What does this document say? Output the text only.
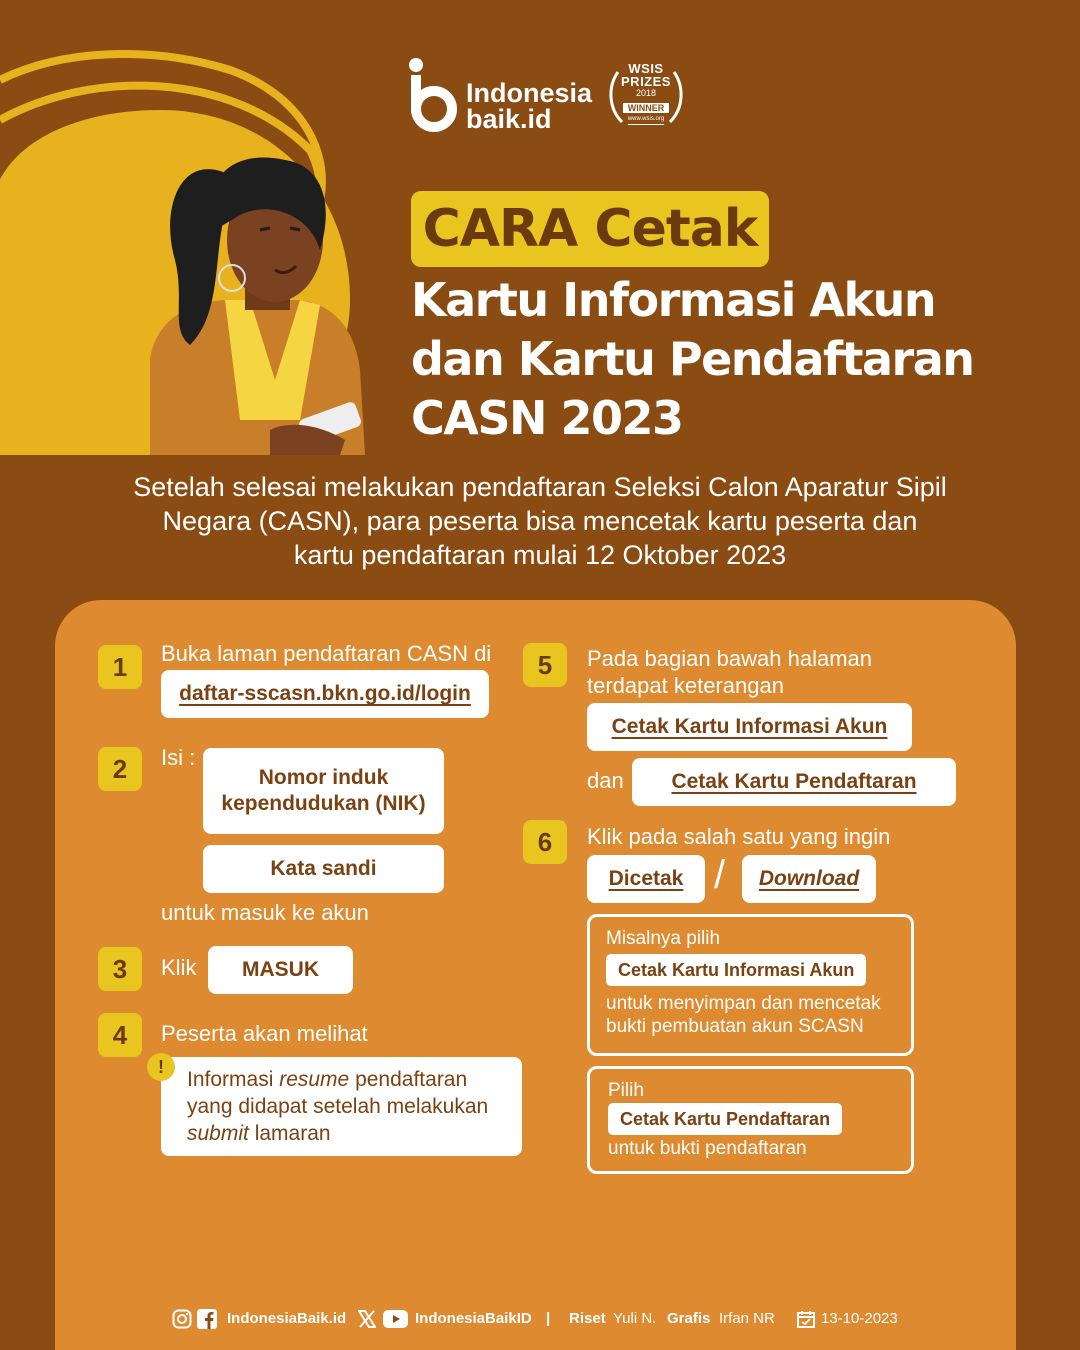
Indonesia
baik.id
WSIS
PRIZES
2018
WINNER
www.wsis.org
CARA Cetak
Kartu Informasi Akun
dan Kartu Pendaftaran
CASN 2023
Setelah selesai melakukan pendaftaran Seleksi Calon Aparatur Sipil
Negara (CASN), para peserta bisa mencetak kartu peserta dan
kartu pendaftaran mulai 12 Oktober 2023
1	Buka laman pendaftaran CASN di
daftar-sscasn.bkn.go.id/login
2	Isi :
Nomor induk
kependudukan (NIK)
Kata sandi
untuk masuk ke akun
3	Klik	MASUK
4	Peserta akan melihat
Informasi resume pendaftaran
yang didapat setelah melakukan
submit lamaran
!
5	Pada bagian bawah halaman
terdapat keterangan
Cetak Kartu Informasi Akun
dan	Cetak Kartu Pendaftaran
6	Klik pada salah satu yang ingin
Dicetak /	Download
Misalnya pilih
Cetak Kartu Informasi Akun
untuk menyimpan dan mencetak
bukti pembuatan akun SCASN
Pilih
Cetak Kartu Pendaftaran
untuk bukti pendaftaran
IndonesiaBaik.id	IndonesiaBaikID | Riset Yuli N. Grafis Irfan NR	13-10-2023
